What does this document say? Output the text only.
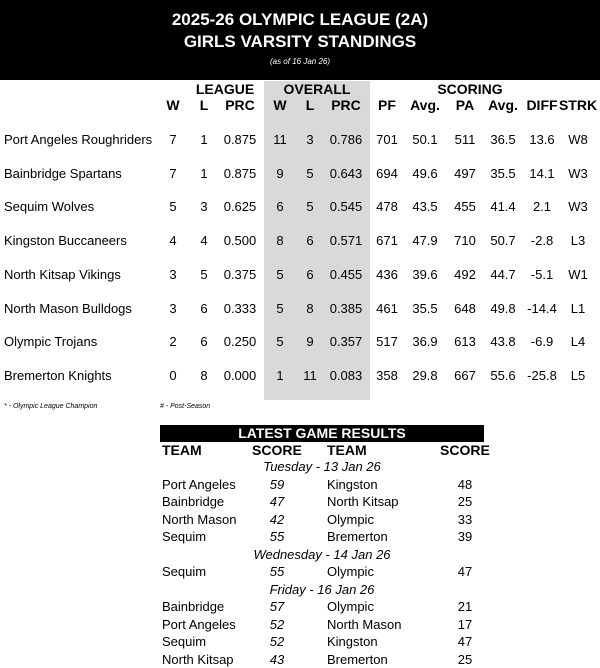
2025-26 OLYMPIC LEAGUE (2A)
GIRLS VARSITY STANDINGS
(as of 16 Jan 26)
LEAGUE	OVERALL	SCORING
W	L	PRC	W	L	PRC	PF	Avg.	PA Avg. DIFF STRK
Port Angeles Roughriders	7	1	0.875	11	3	0.786	701	50.1	511	36.5	13.6	W8
Bainbridge Spartans	7	1	0.875	9	5	0.643	694	49.6	497	35.5	14.1	W3
Sequim Wolves	5	3	0.625	6	5	0.545	478	43.5	455	41.4	2.1	W3
Kingston Buccaneers	4	4	0.500	8	6	0.571	671	47.9	710	50.7	-2.8	L3
North Kitsap Vikings	3	5	0.375	5	6	0.455	436	39.6	492	44.7	-5.1	W1
North Mason Bulldogs	3	6	0.333	5	8	0.385	461	35.5	648	49.8 -14.4	L1
Olympic Trojans	2	6	0.250	5	9	0.357	517	36.9	613	43.8	-6.9	L4
Bremerton Knights	0	8	0.000	1	11 0.083	358	29.8	667	55.6 -25.8	L5
* - Olympic League Champion	# - Post-Season
LATEST GAME RESULTS
TEAM	SCORE TEAM	SCORE
Tuesday - 13 Jan 26
Port Angeles	59	Kingston	48
Bainbridge	47	North Kitsap	25
North Mason	42	Olympic	33
Sequim	55	Bremerton	39
Wednesday - 14 Jan 26
Sequim	55	Olympic	47
Friday - 16 Jan 26
Bainbridge	57	Olympic	21
Port Angeles	52	North Mason	17
Sequim	52	Kingston	47
North Kitsap	43	Bremerton	25
